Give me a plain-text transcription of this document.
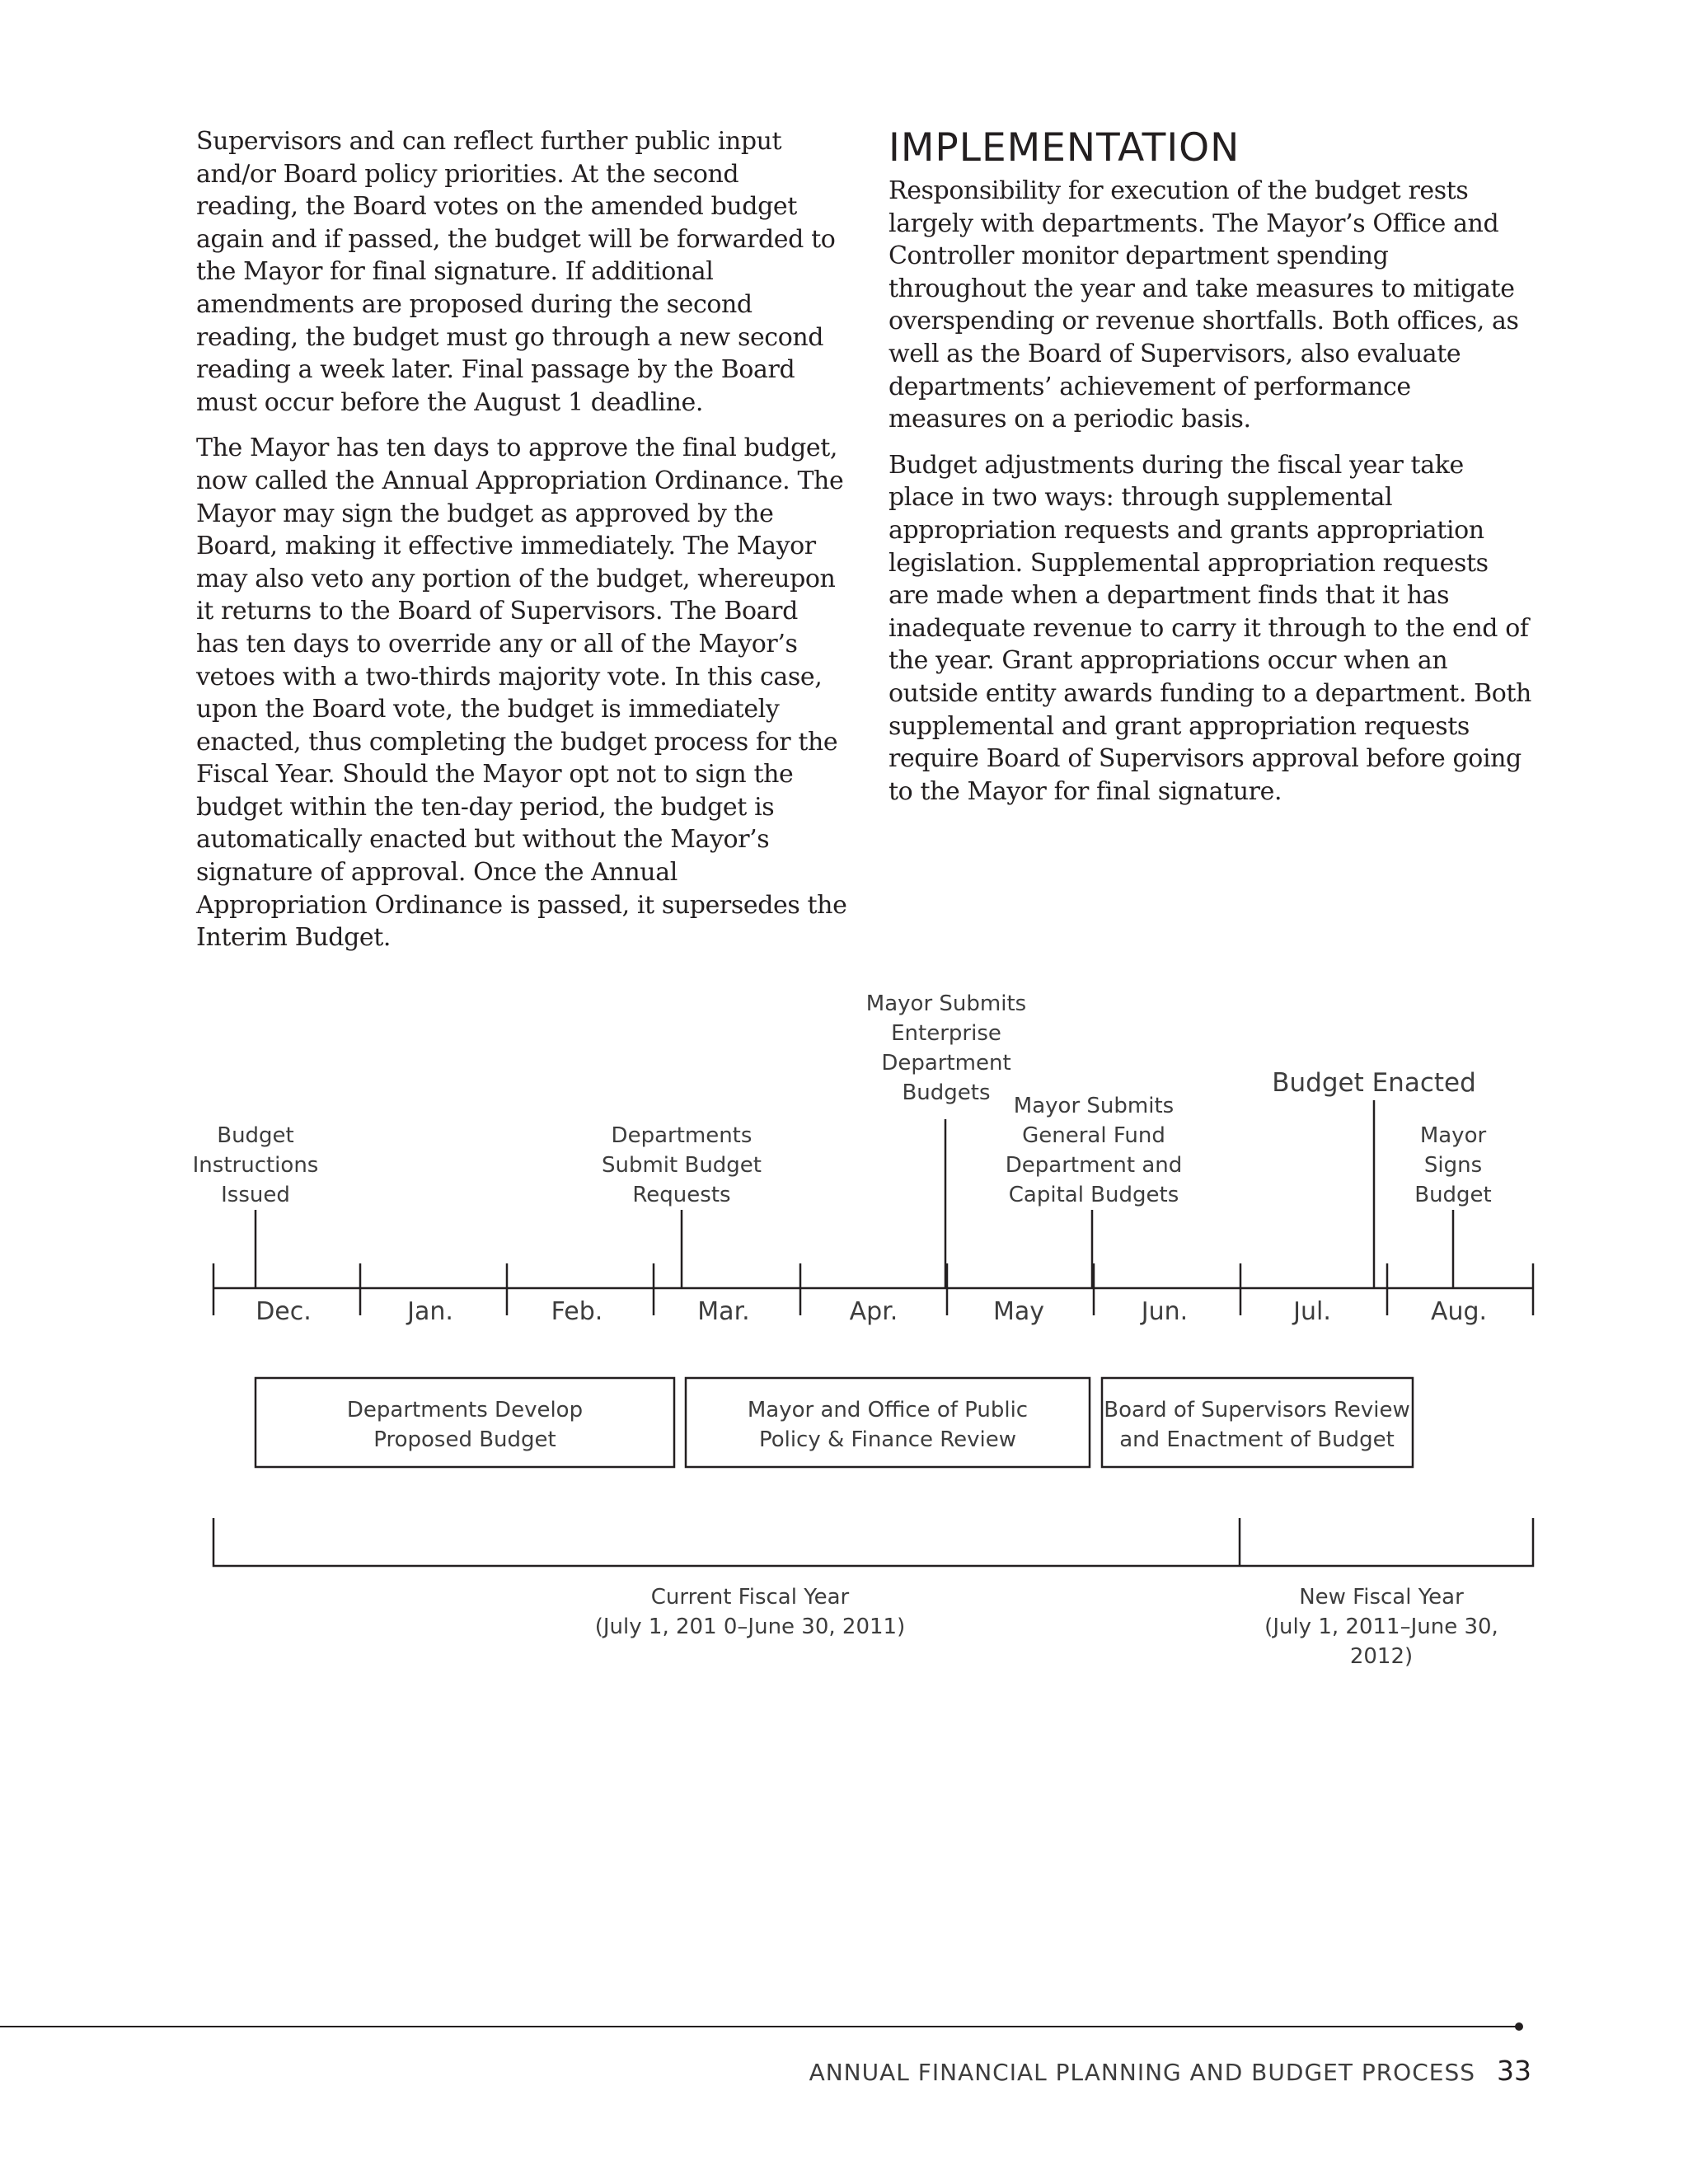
Supervisors and can reflect further public input and/or Board policy priorities. At the second reading, the Board votes on the amended budget again and if passed, the budget will be forwarded to the Mayor for final signature. If additional amendments are proposed during the second reading, the budget must go through a new second reading a week later. Final passage by the Board must occur before the August 1 deadline.

The Mayor has ten days to approve the final budget, now called the Annual Appropriation Ordinance. The Mayor may sign the budget as approved by the Board, making it effective immediately. The Mayor may also veto any portion of the budget, whereupon it returns to the Board of Supervisors. The Board has ten days to override any or all of the Mayor’s vetoes with a two-thirds majority vote. In this case, upon the Board vote, the budget is immediately enacted, thus completing the budget process for the Fiscal Year. Should the Mayor opt not to sign the budget within the ten-day period, the budget is automatically enacted but without the Mayor’s signature of approval. Once the Annual Appropriation Ordinance is passed, it supersedes the Interim Budget.

IMPLEMENTATION

Responsibility for execution of the budget rests largely with departments. The Mayor’s Office and Controller monitor department spending throughout the year and take measures to mitigate overspending or revenue shortfalls. Both offices, as well as the Board of Supervisors, also evaluate departments’ achievement of performance measures on a periodic basis.

Budget adjustments during the fiscal year take place in two ways: through supplemental appropriation requests and grants appropriation legislation. Supplemental appropriation requests are made when a department finds that it has inadequate revenue to carry it through to the end of the year. Grant appropriations occur when an outside entity awards funding to a department. Both supplemental and grant appropriation requests require Board of Supervisors approval before going to the Mayor for final signature.

Dec.	Jan.	Feb.	Mar.	Apr.	May	Jun.	Jul.	Aug.
Budget
Instructions
Issued
Departments
Submit Budget
Requests
Mayor Submits
Enterprise
Department
Budgets
Mayor Submits
General Fund
Department and
Capital Budgets
Budget Enacted
Mayor
Signs
Budget
Departments Develop
Proposed Budget
Mayor and Office of Public
Policy & Finance Review
Board of Supervisors Review
and Enactment of Budget
Current Fiscal Year
(July 1, 201 0–June 30, 2011)
New Fiscal Year
(July 1, 2011–June 30,
2012)
ANNUAL FINANCIAL PLANNING AND BUDGET PROCESS 33
